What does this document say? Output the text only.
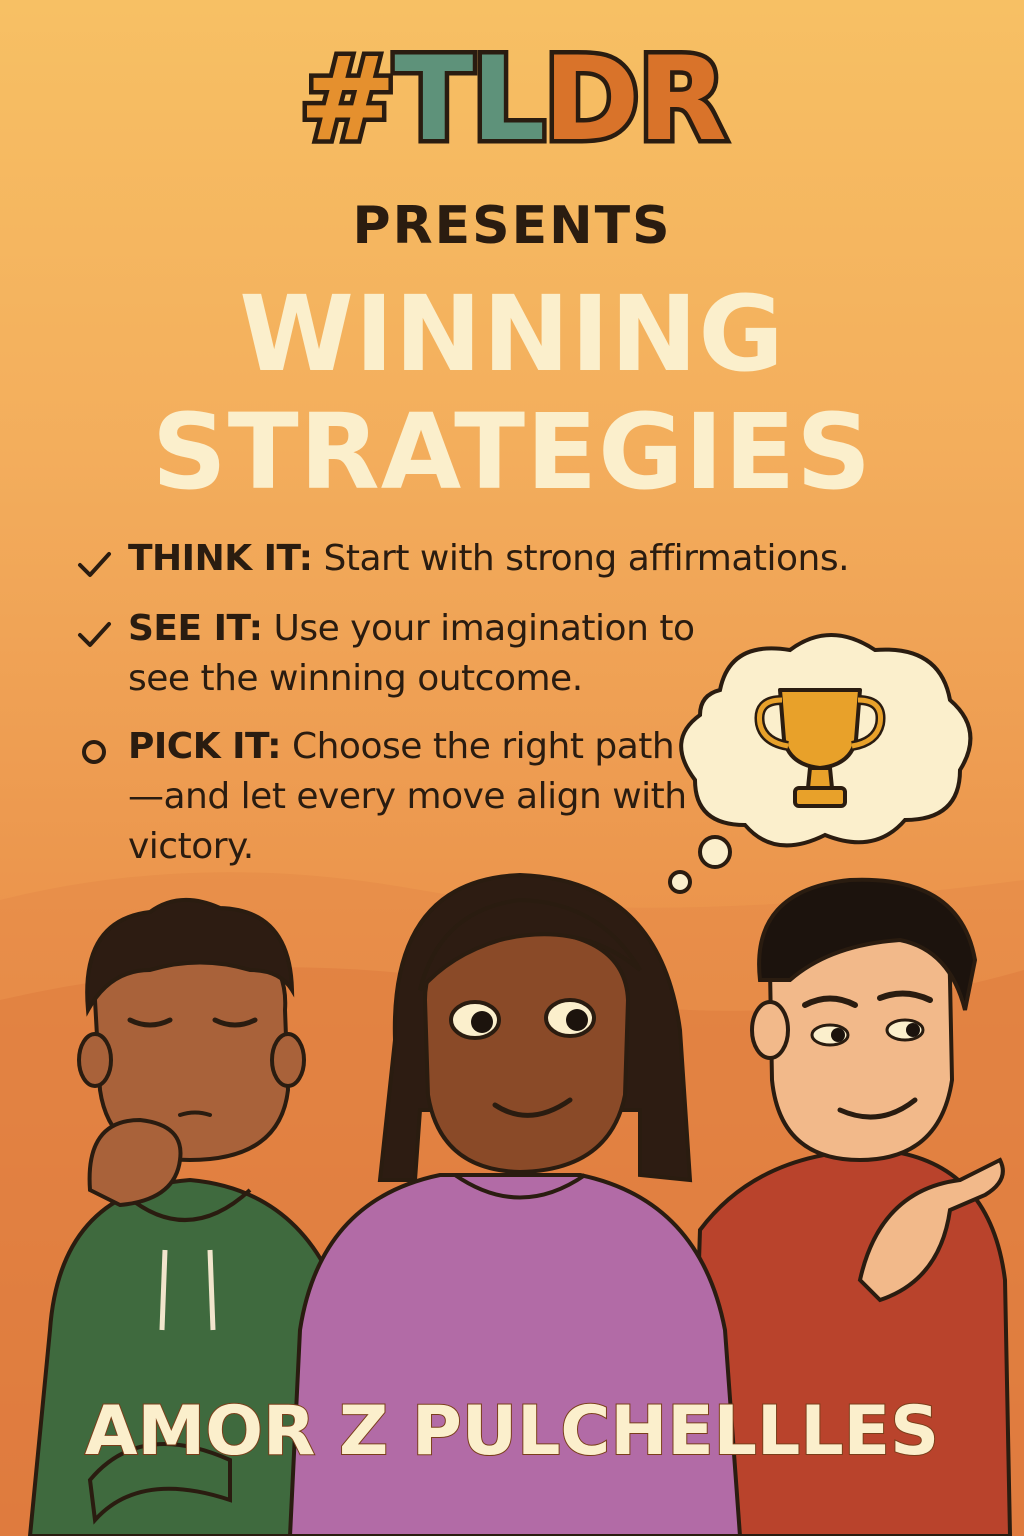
#TLDR
PRESENTS
WINNING
STRATEGIES
THINK IT: Start with strong affirmations.
SEE IT: Use your imagination to see the winning outcome.
PICK IT: Choose the right path—and let every move align with victory.
AMOR Z PULCHELLLES
